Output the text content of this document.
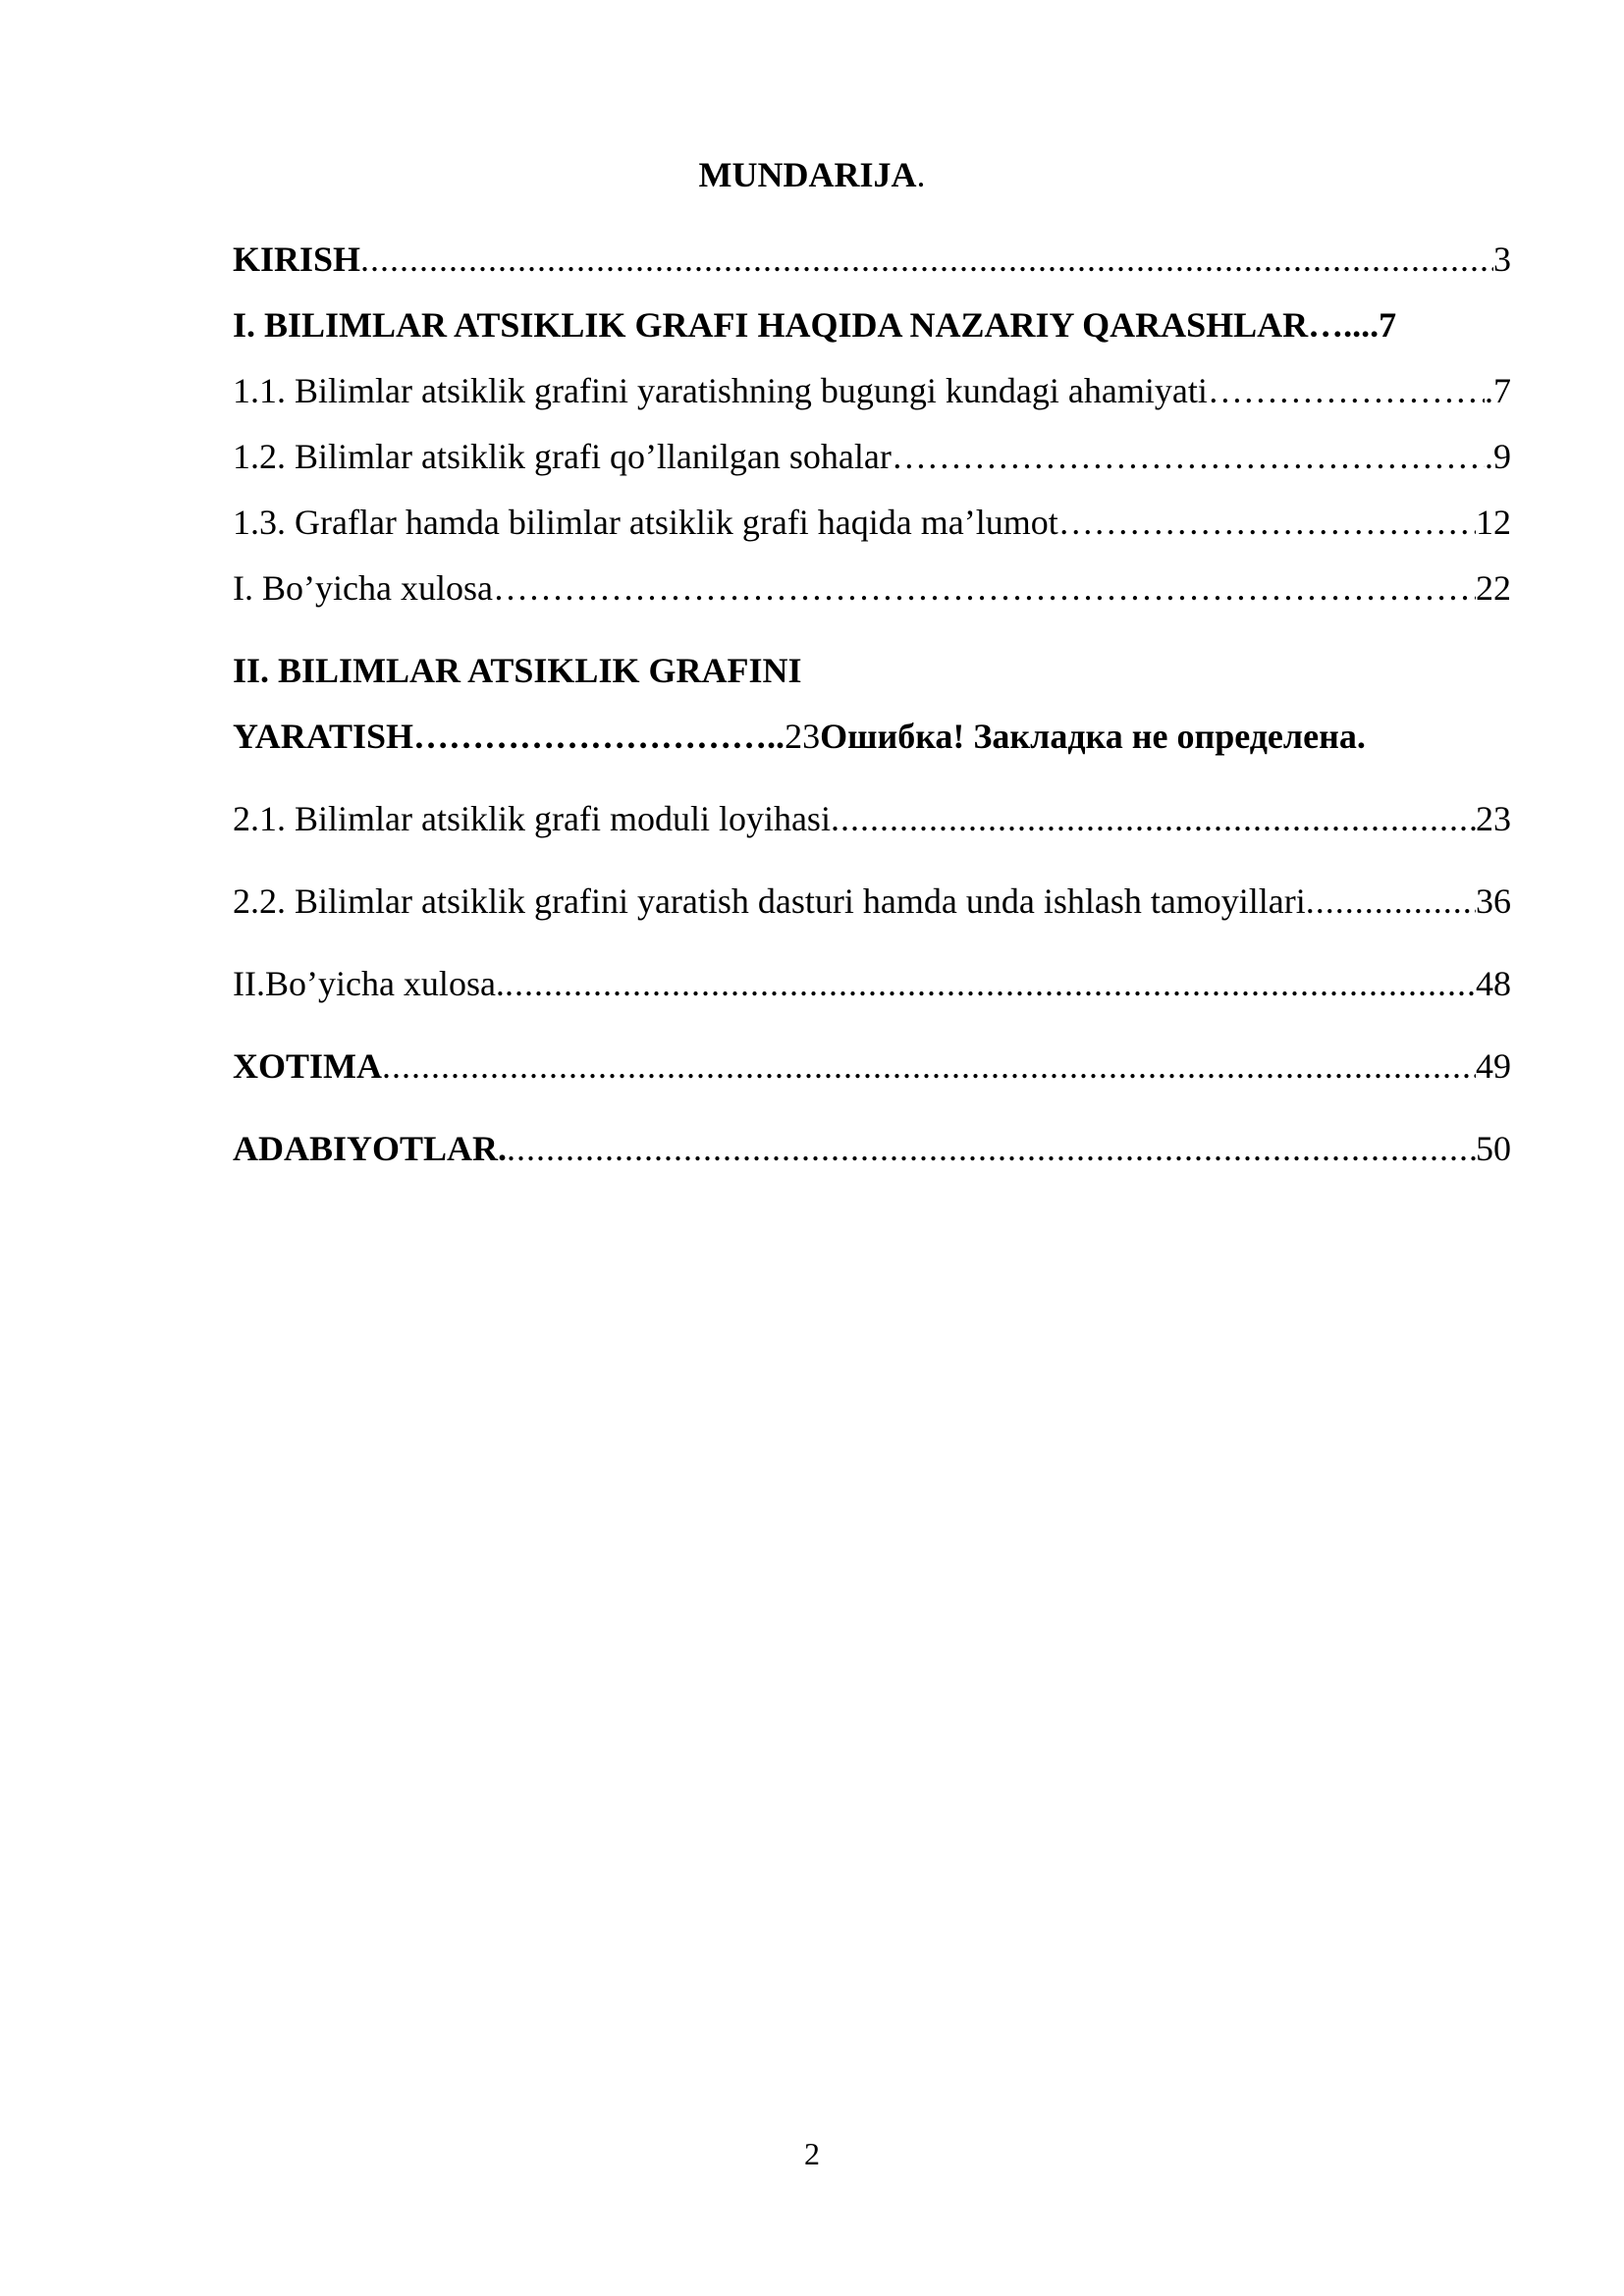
MUNDARIJA.
KIRISH .....	3
I. BILIMLAR ATSIKLIK GRAFI HAQIDA NAZARIY QARASHLAR… ....7
1.1. Bilimlar atsiklik grafini yaratishning bugungi kundagi ahamiyati …………………………………………………………………………………………………………………………………………………………………………………………………………………………	.7
1.2. Bilimlar atsiklik grafi qo’llanilgan sohalar …………………………………………………………………………………………………………………………………………………………………………………………………………………………	.9
1.3. Graflar hamda bilimlar atsiklik grafi haqida ma’lumot …………………………………………………………………………………………………………………………………………………………………………………………………………………………	12
I. Bo’yicha xulosa …………………………………………………………………………………………………………………………………………………………………………………………………………………………	22
II. BILIMLAR ATSIKLIK GRAFINI
YARATISH…………………………..23Ошибка! Закладка не определена.
2.1. Bilimlar atsiklik grafi moduli loyihasi .....	23
2.2. Bilimlar atsiklik grafini yaratish dasturi hamda unda ishlash tamoyillari .....	36
II.Bo’yicha xulosa. .....	48
XOTIMA .....	49
ADABIYOTLAR. .....	50
2
